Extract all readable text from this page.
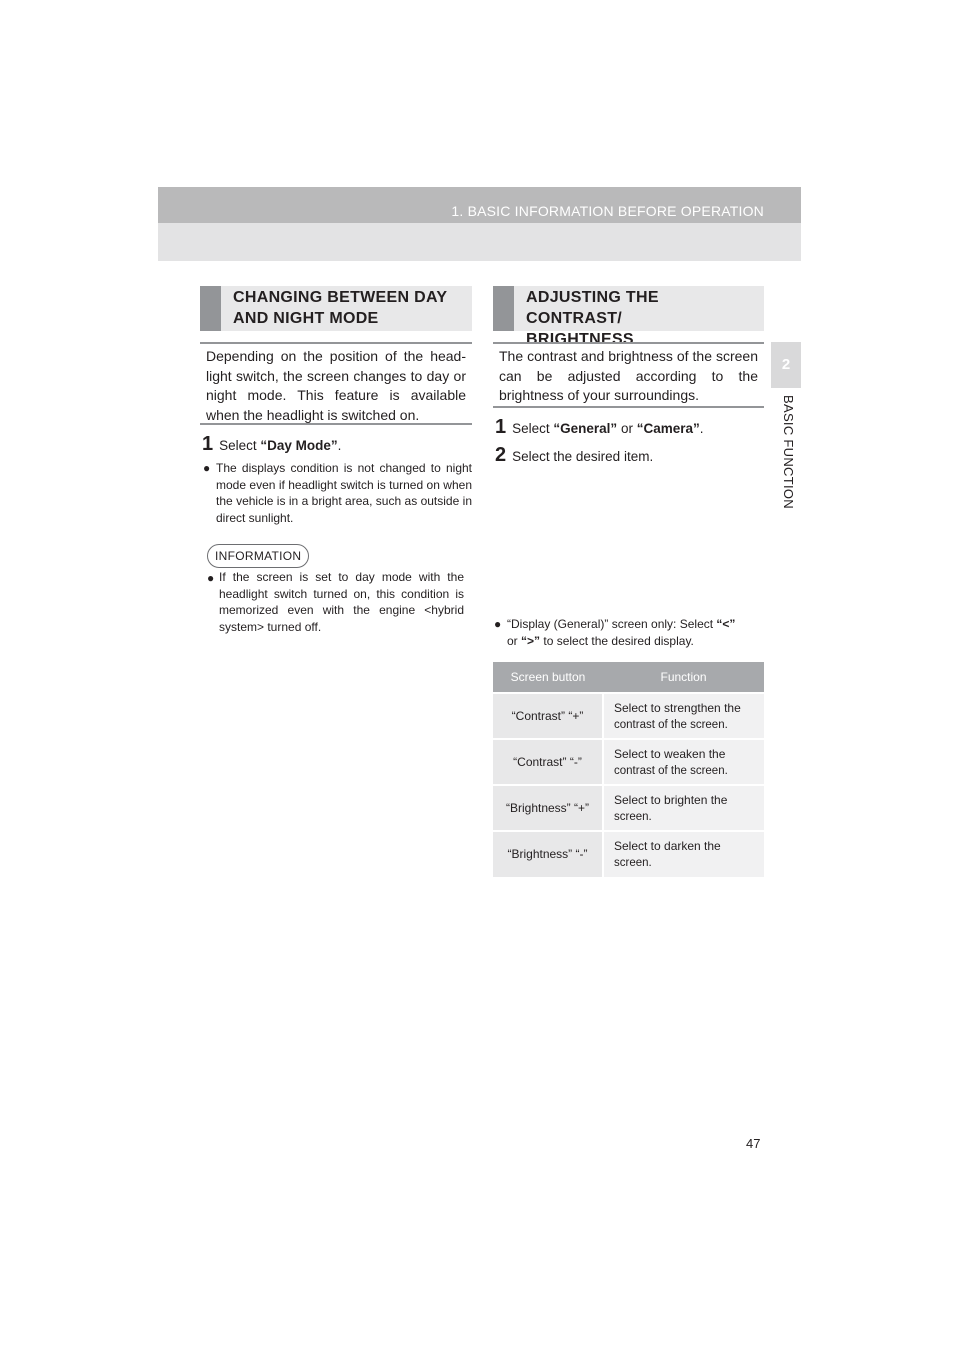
1. BASIC INFORMATION BEFORE OPERATION
2
BASIC FUNCTION
CHANGING BETWEEN DAY
AND NIGHT MODE
Depending on the position of the head-light switch, the screen changes to day or night mode. This feature is available when the headlight is switched on.
1 Select “Day Mode”.
● The displays condition is not changed to night mode even if headlight switch is turned on when the vehicle is in a bright area, such as outside in direct sunlight.
INFORMATION
● If the screen is set to day mode with the headlight switch turned on, this condition is memorized even with the engine <hybrid system> turned off.
ADJUSTING THE CONTRAST/
BRIGHTNESS
The contrast and brightness of the screen can be adjusted according to the brightness of your surroundings.
1 Select “General” or “Camera”.
2 Select the desired item.
● “Display (General)” screen only: Select “<”
or “>” to select the desired display.
Screen button	Function

“Contrast” “+”	Select to strengthen the
contrast of the screen.

“Contrast” “-”	Select to weaken the
contrast of the screen.

“Brightness” “+”	Select to brighten the
screen.

“Brightness” “-”	Select to darken the
screen.
47
